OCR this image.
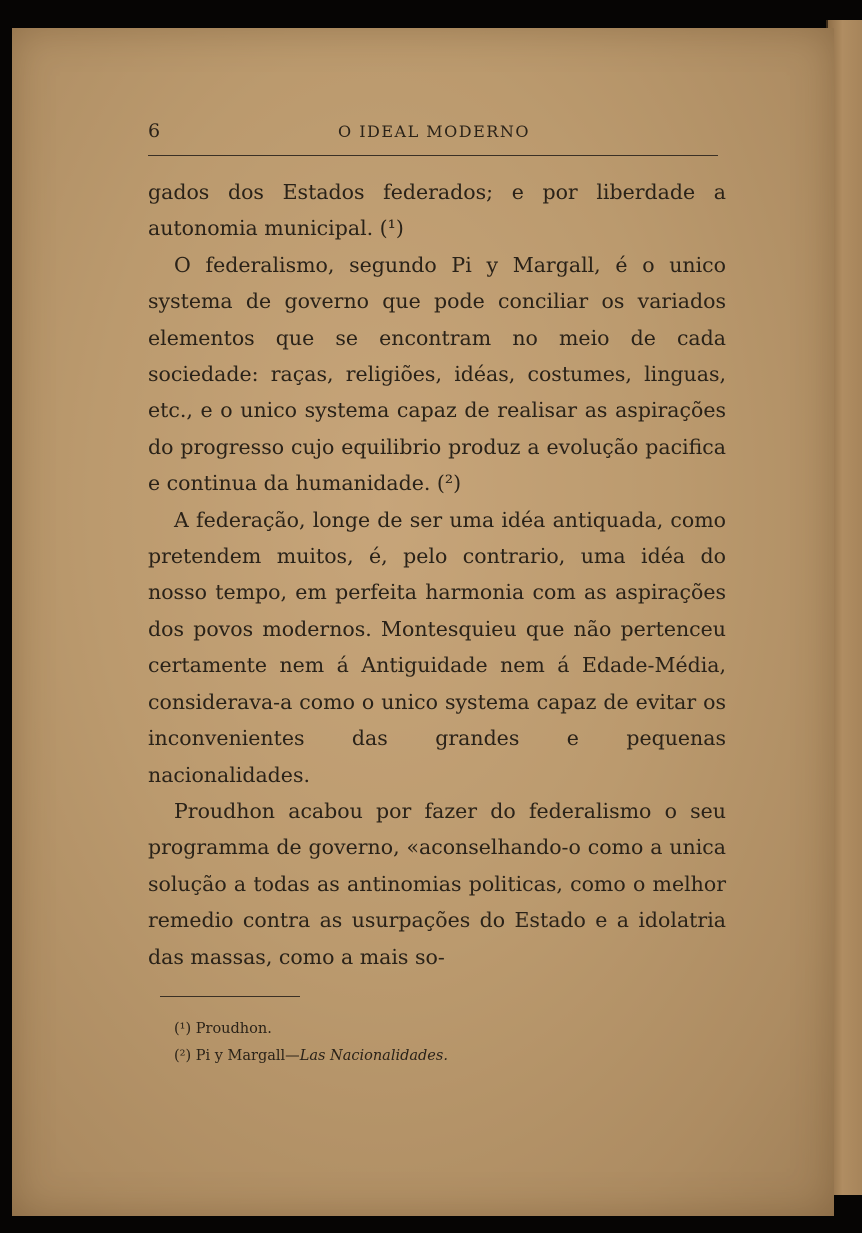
6	O IDEAL MODERNO

gados dos Estados federados; e por liberdade a autonomia municipal. (¹)

O federalismo, segundo Pi y Margall, é o unico systema de governo que pode conciliar os variados elementos que se encontram no meio de cada sociedade: raças, religiões, idéas, costumes, linguas, etc., e o unico systema capaz de realisar as aspirações do progresso cujo equilibrio produz a evolução pacifica e continua da humanidade. (²)

A federação, longe de ser uma idéa antiquada, como pretendem muitos, é, pelo contrario, uma idéa do nosso tempo, em perfeita harmonia com as aspirações dos povos modernos. Montesquieu que não pertenceu certamente nem á Antiguidade nem á Edade-Média, considerava-a como o unico systema capaz de evitar os inconvenientes das grandes e pequenas nacionalidades.

Proudhon acabou por fazer do federalismo o seu programma de governo, «aconselhando-o como a unica solução a todas as antinomias politicas, como o melhor remedio contra as usurpações do Estado e a idolatria das massas, como a mais so-

(¹) Proudhon.

(²) Pi y Margall—Las Nacionalidades.
